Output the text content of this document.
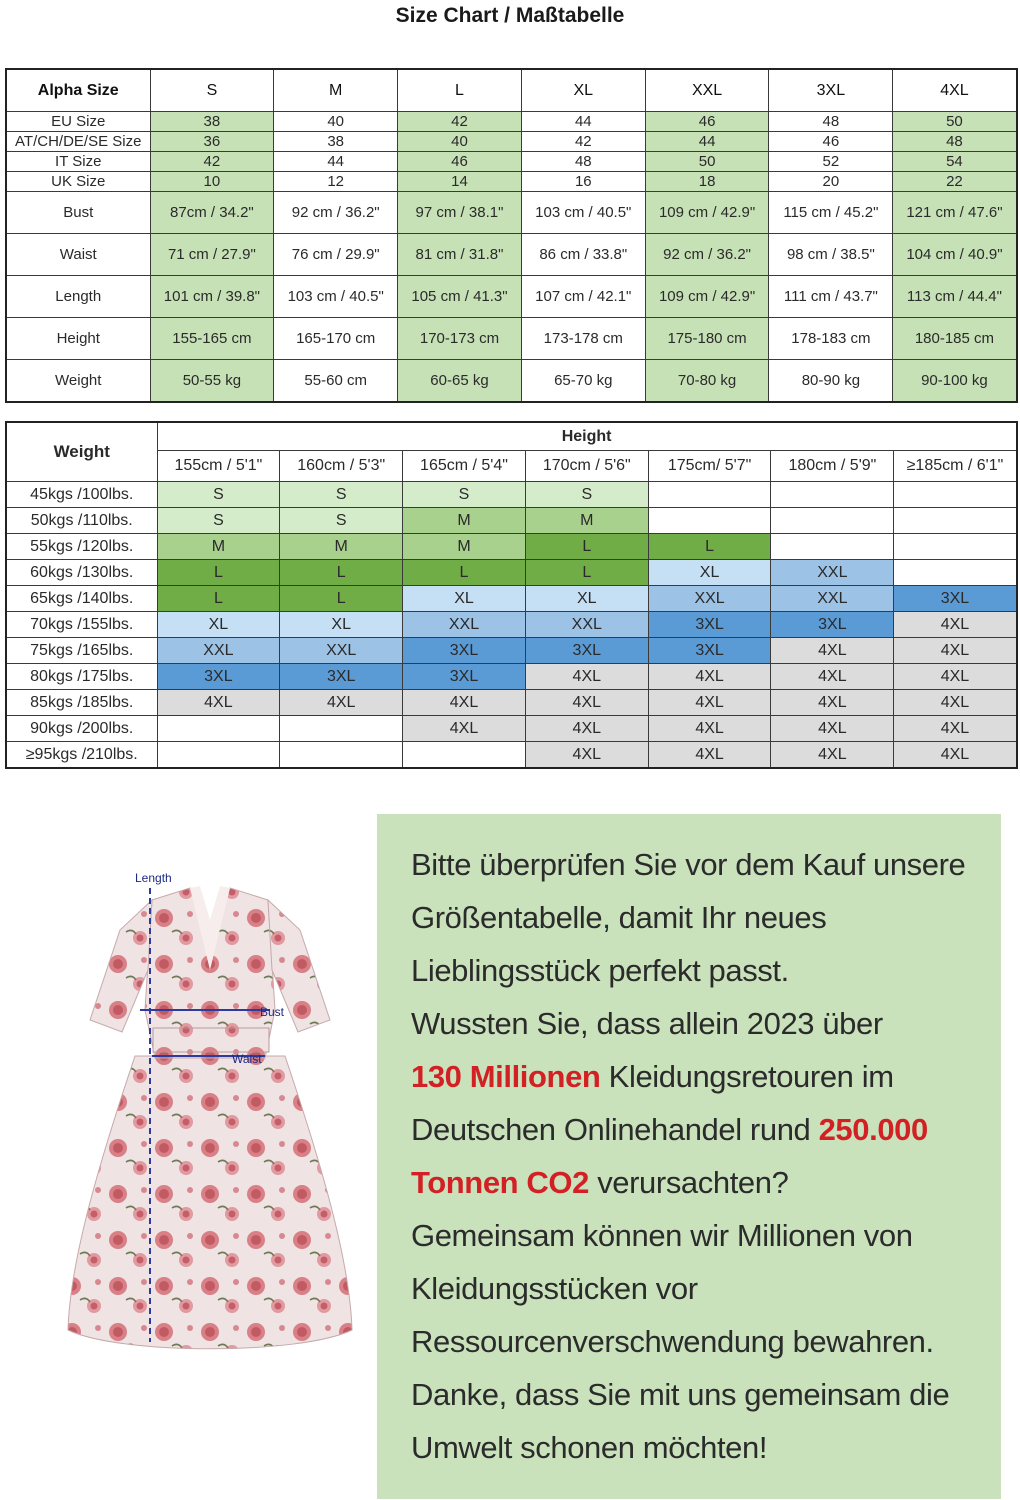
Size Chart / Maßtabelle
Alpha Size	S	M	L	XL	XXL	3XL	4XL
EU Size	38	40	42	44	46	48	50
AT/CH/DE/SE Size	36	38	40	42	44	46	48
IT Size	42	44	46	48	50	52	54
UK Size	10	12	14	16	18	20	22
Bust	87cm / 34.2"	92 cm / 36.2"	97 cm / 38.1"	103 cm / 40.5"	109 cm / 42.9"	115 cm / 45.2"	121 cm / 47.6"
Waist	71 cm / 27.9"	76 cm / 29.9"	81 cm / 31.8"	86 cm / 33.8"	92 cm / 36.2"	98 cm / 38.5"	104 cm / 40.9"
Length	101 cm / 39.8"	103 cm / 40.5"	105 cm / 41.3"	107 cm / 42.1"	109 cm / 42.9"	111 cm / 43.7"	113 cm / 44.4"
Height	155-165 cm	165-170 cm	170-173 cm	173-178 cm	175-180 cm	178-183 cm	180-185 cm
Weight	50-55 kg	55-60 cm	60-65 kg	65-70 kg	70-80 kg	80-90 kg	90-100 kg
Weight	Height						
	155cm / 5'1"	160cm / 5'3"	165cm / 5'4"	170cm / 5'6"	175cm/ 5'7"	180cm / 5'9"	≥185cm / 6'1"
45kgs /100lbs.	S	S	S	S			
50kgs /110lbs.	S	S	M	M			
55kgs /120lbs.	M	M	M	L	L		
60kgs /130lbs.	L	L	L	L	XL	XXL	
65kgs /140lbs.	L	L	XL	XL	XXL	XXL	3XL
70kgs /155lbs.	XL	XL	XXL	XXL	3XL	3XL	4XL
75kgs /165lbs.	XXL	XXL	3XL	3XL	3XL	4XL	4XL
80kgs /175lbs.	3XL	3XL	3XL	4XL	4XL	4XL	4XL
85kgs /185lbs.	4XL	4XL	4XL	4XL	4XL	4XL	4XL
90kgs /200lbs.			4XL	4XL	4XL	4XL	4XL
≥95kgs /210lbs.				4XL	4XL	4XL	4XL
Length
Bust
Waist
Bitte überprüfen Sie vor dem Kauf unsere
Größentabelle, damit Ihr neues
Lieblingsstück perfekt passt.
Wussten Sie, dass allein 2023 über
130 Millionen Kleidungsretouren im
Deutschen Onlinehandel rund 250.000
Tonnen CO2 verursachten?
Gemeinsam können wir Millionen von
Kleidungsstücken vor
Ressourcenverschwendung bewahren.
Danke, dass Sie mit uns gemeinsam die
Umwelt schonen möchten!
